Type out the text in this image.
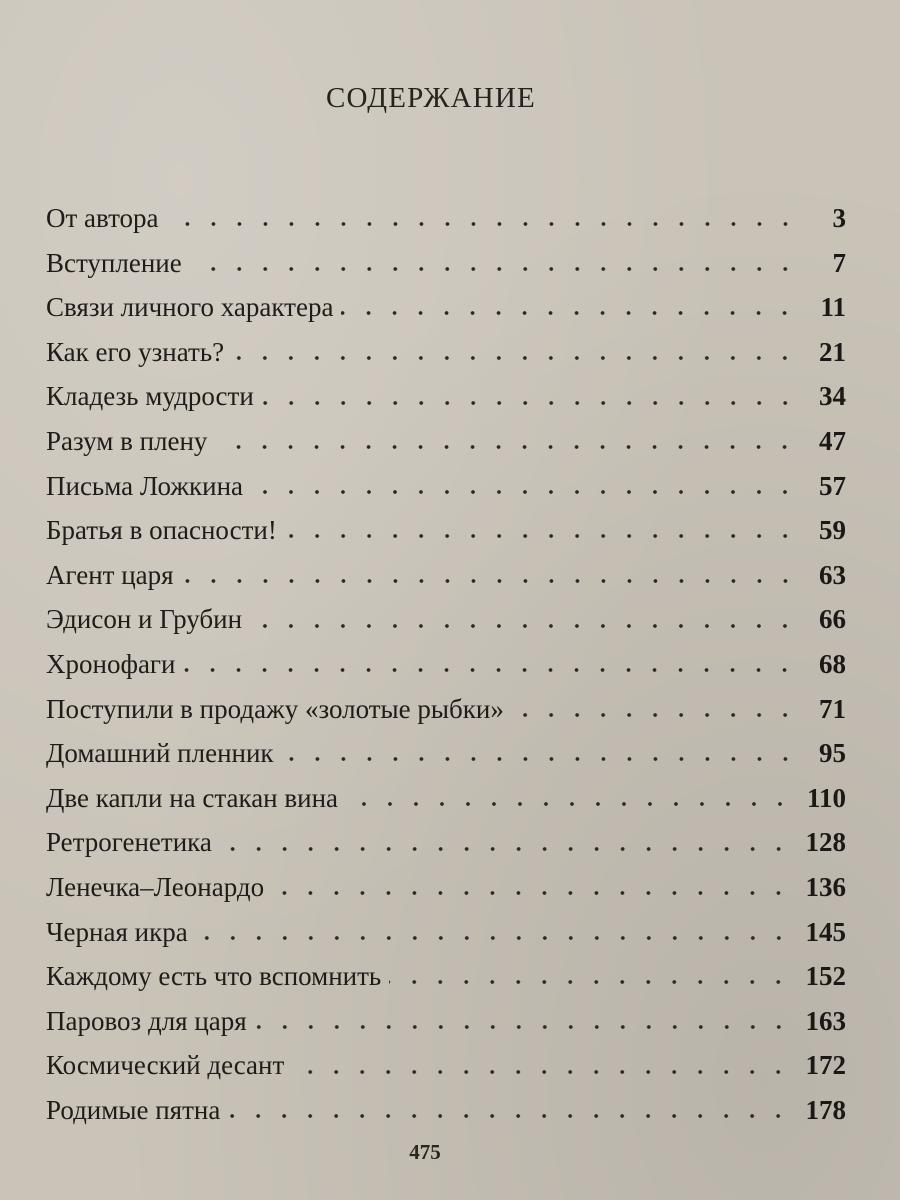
СОДЕРЖАНИЕ
От автора	3
Вступление	7
Связи личного характера	11
Как его узнать?	21
Кладезь мудрости	34
Разум в плену	47
Письма Ложкина	57
Братья в опасности!	59
Агент царя	63
Эдисон и Грубин	66
Хронофаги	68
Поступили в продажу «золотые рыбки»	71
Домашний пленник	95
Две капли на стакан вина	110
Ретрогенетика	128
Ленечка–Леонардо	136
Черная икра	145
Каждому есть что вспомнить	152
Паровоз для царя	163
Космический десант	172
Родимые пятна	178
475
